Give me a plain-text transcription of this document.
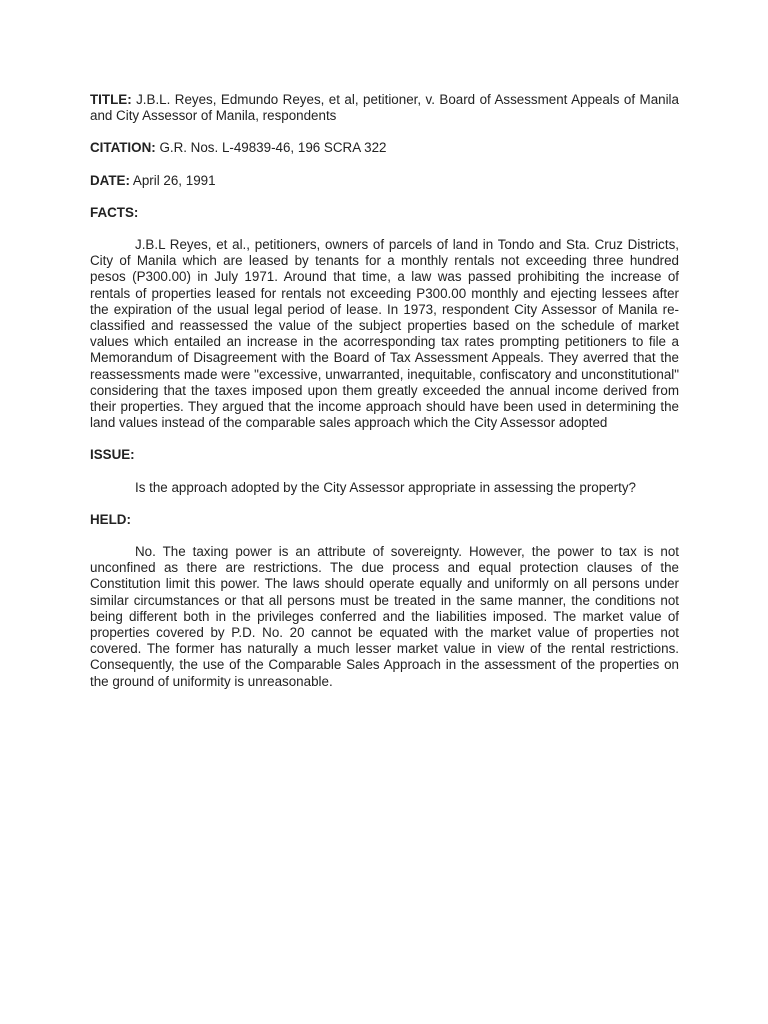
TITLE: J.B.L. Reyes, Edmundo Reyes, et al, petitioner, v. Board of Assessment Appeals of Manila and City Assessor of Manila, respondents

CITATION: G.R. Nos. L-49839-46, 196 SCRA 322

DATE: April 26, 1991

FACTS:

J.B.L Reyes, et al., petitioners, owners of parcels of land in Tondo and Sta. Cruz Districts, City of Manila which are leased by tenants for a monthly rentals not exceeding three hundred pesos (P300.00) in July 1971. Around that time, a law was passed prohibiting the increase of rentals of properties leased for rentals not exceeding P300.00 monthly and ejecting lessees after the expiration of the usual legal period of lease. In 1973, respondent City Assessor of Manila re-classified and reassessed the value of the subject properties based on the schedule of market values which entailed an increase in the acorresponding tax rates prompting petitioners to file a Memorandum of Disagreement with the Board of Tax Assessment Appeals. They averred that the reassessments made were "excessive, unwarranted, inequitable, confiscatory and unconstitutional" considering that the taxes imposed upon them greatly exceeded the annual income derived from their properties. They argued that the income approach should have been used in determining the land values instead of the comparable sales approach which the City Assessor adopted

ISSUE:

Is the approach adopted by the City Assessor appropriate in assessing the property?

HELD:

No. The taxing power is an attribute of sovereignty. However, the power to tax is not unconfined as there are restrictions. The due process and equal protection clauses of the Constitution limit this power. The laws should operate equally and uniformly on all persons under similar circumstances or that all persons must be treated in the same manner, the conditions not being different both in the privileges conferred and the liabilities imposed. The market value of properties covered by P.D. No. 20 cannot be equated with the market value of properties not covered. The former has naturally a much lesser market value in view of the rental restrictions. Consequently, the use of the Comparable Sales Approach in the assessment of the properties on the ground of uniformity is unreasonable.
